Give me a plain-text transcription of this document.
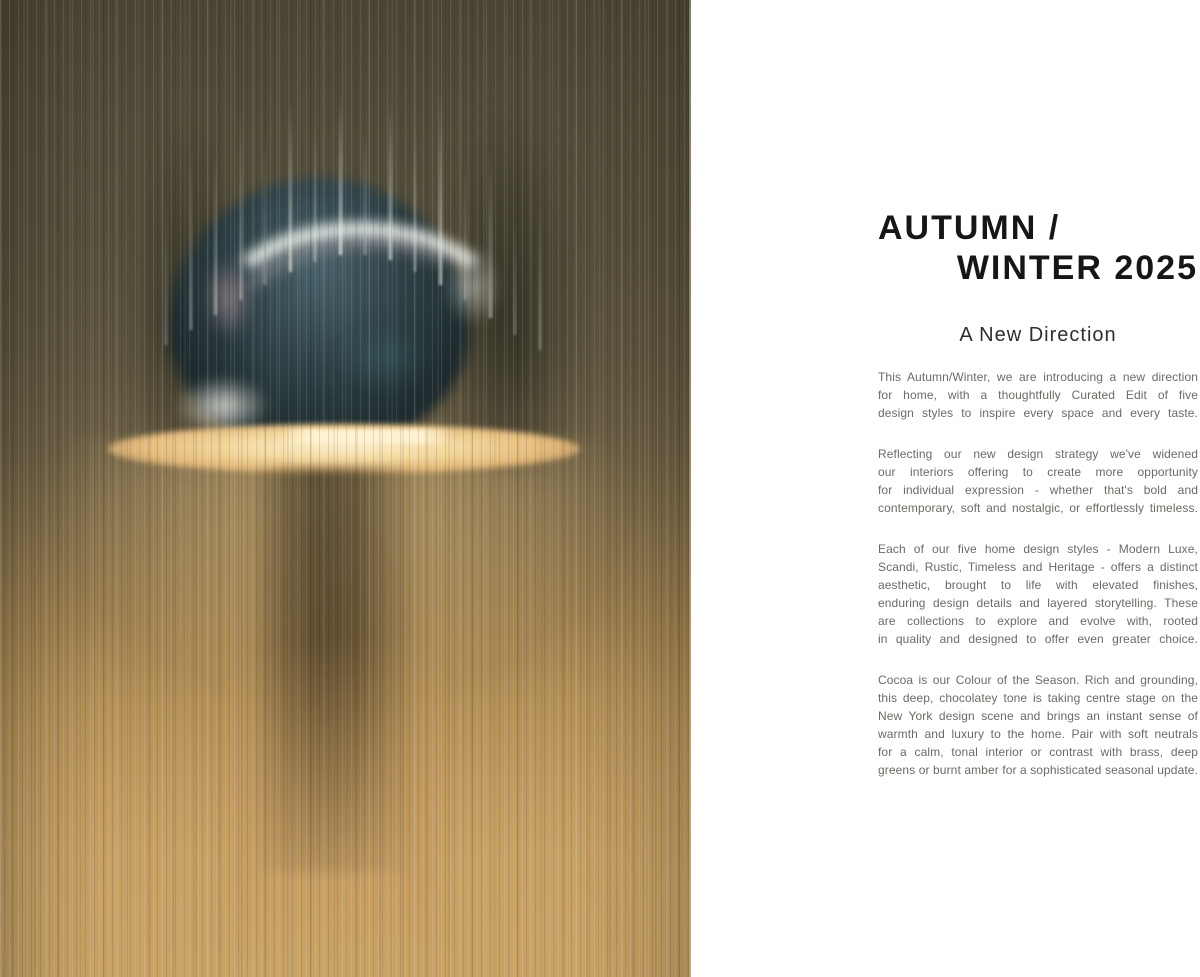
AUTUMN /
WINTER 2025
A New Direction
This Autumn/Winter, we are introducing a new direction
for home, with a thoughtfully Curated Edit of five
design styles to inspire every space and every taste.
Reflecting our new design strategy we've widened
our interiors offering to create more opportunity
for individual expression - whether that's bold and
contemporary, soft and nostalgic, or effortlessly timeless.
Each of our five home design styles - Modern Luxe,
Scandi, Rustic, Timeless and Heritage - offers a distinct
aesthetic, brought to life with elevated finishes,
enduring design details and layered storytelling. These
are collections to explore and evolve with, rooted
in quality and designed to offer even greater choice.
Cocoa is our Colour of the Season. Rich and grounding,
this deep, chocolatey tone is taking centre stage on the
New York design scene and brings an instant sense of
warmth and luxury to the home. Pair with soft neutrals
for a calm, tonal interior or contrast with brass, deep
greens or burnt amber for a sophisticated seasonal update.
